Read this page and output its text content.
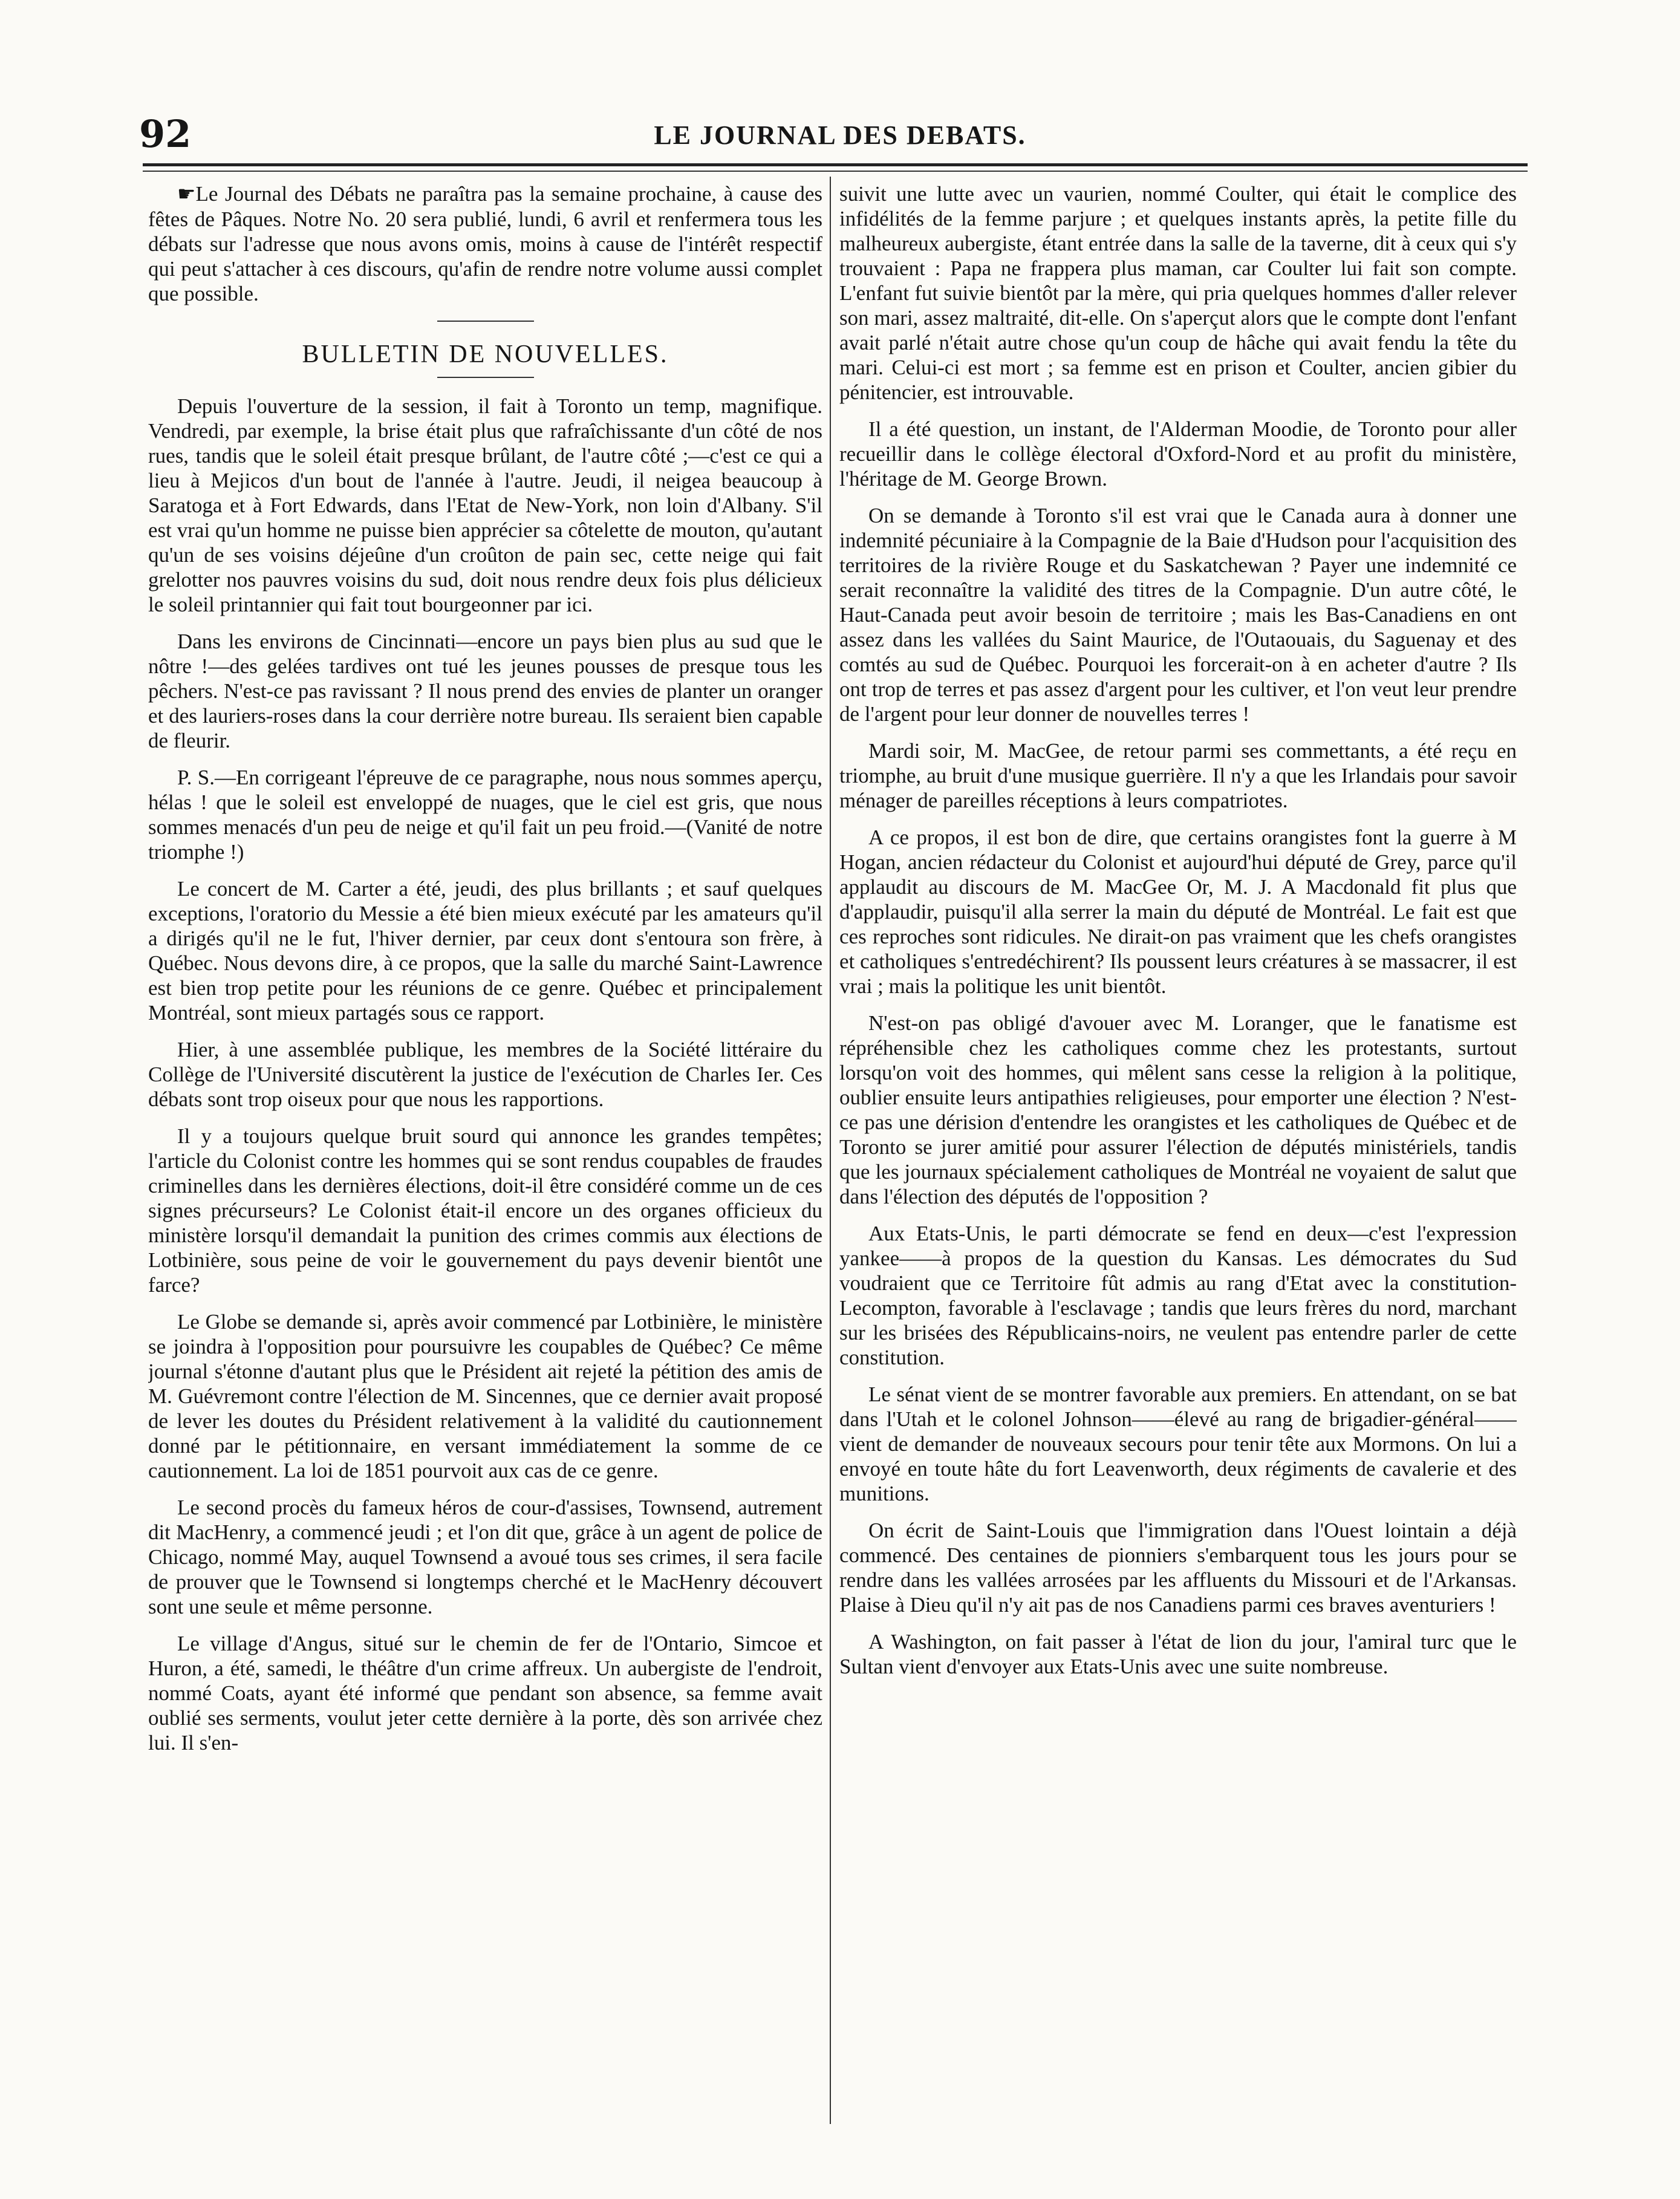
92	LE JOURNAL DES DEBATS.

☛Le Journal des Débats ne paraîtra pas la semaine prochaine, à cause des fêtes de Pâques. Notre No. 20 sera publié, lundi, 6 avril et renfermera tous les débats sur l'adresse que nous avons omis, moins à cause de l'intérêt respectif qui peut s'attacher à ces discours, qu'afin de rendre notre volume aussi complet que possible.

BULLETIN DE NOUVELLES.

Depuis l'ouverture de la session, il fait à Toronto un temp, magnifique. Vendredi, par exemple, la brise était plus que rafraîchissante d'un côté de nos rues, tandis que le soleil était presque brûlant, de l'autre côté ;—c'est ce qui a lieu à Mejicos d'un bout de l'année à l'autre. Jeudi, il neigea beaucoup à Saratoga et à Fort Edwards, dans l'Etat de New-York, non loin d'Albany. S'il est vrai qu'un homme ne puisse bien apprécier sa côtelette de mouton, qu'autant qu'un de ses voisins déjeûne d'un croûton de pain sec, cette neige qui fait grelotter nos pauvres voisins du sud, doit nous rendre deux fois plus délicieux le soleil printannier qui fait tout bourgeonner par ici.

Dans les environs de Cincinnati—encore un pays bien plus au sud que le nôtre !—des gelées tardives ont tué les jeunes pousses de presque tous les pêchers. N'est-ce pas ravissant ? Il nous prend des envies de planter un oranger et des lauriers-roses dans la cour derrière notre bureau. Ils seraient bien capable de fleurir.

P. S.—En corrigeant l'épreuve de ce paragraphe, nous nous sommes aperçu, hélas ! que le soleil est enveloppé de nuages, que le ciel est gris, que nous sommes menacés d'un peu de neige et qu'il fait un peu froid.—(Vanité de notre triomphe !)

Le concert de M. Carter a été, jeudi, des plus brillants ; et sauf quelques exceptions, l'oratorio du Messie a été bien mieux exécuté par les amateurs qu'il a dirigés qu'il ne le fut, l'hiver dernier, par ceux dont s'entoura son frère, à Québec. Nous devons dire, à ce propos, que la salle du marché Saint-Lawrence est bien trop petite pour les réunions de ce genre. Québec et principalement Montréal, sont mieux partagés sous ce rapport.

Hier, à une assemblée publique, les membres de la Société littéraire du Collège de l'Université discutèrent la justice de l'exécution de Charles Ier. Ces débats sont trop oiseux pour que nous les rapportions.

Il y a toujours quelque bruit sourd qui annonce les grandes tempêtes; l'article du Colonist contre les hommes qui se sont rendus coupables de fraudes criminelles dans les dernières élections, doit-il être considéré comme un de ces signes précurseurs? Le Colonist était-il encore un des organes officieux du ministère lorsqu'il demandait la punition des crimes commis aux élections de Lotbinière, sous peine de voir le gouvernement du pays devenir bientôt une farce?

Le Globe se demande si, après avoir commencé par Lotbinière, le ministère se joindra à l'opposition pour poursuivre les coupables de Québec? Ce même journal s'étonne d'autant plus que le Président ait rejeté la pétition des amis de M. Guévremont contre l'élection de M. Sincennes, que ce dernier avait proposé de lever les doutes du Président relativement à la validité du cautionnement donné par le pétitionnaire, en versant immédiatement la somme de ce cautionnement. La loi de 1851 pourvoit aux cas de ce genre.

Le second procès du fameux héros de cour-d'assises, Townsend, autrement dit MacHenry, a commencé jeudi ; et l'on dit que, grâce à un agent de police de Chicago, nommé May, auquel Townsend a avoué tous ses crimes, il sera facile de prouver que le Townsend si longtemps cherché et le MacHenry découvert sont une seule et même personne.

Le village d'Angus, situé sur le chemin de fer de l'Ontario, Simcoe et Huron, a été, samedi, le théâtre d'un crime affreux. Un aubergiste de l'endroit, nommé Coats, ayant été informé que pendant son absence, sa femme avait oublié ses serments, voulut jeter cette dernière à la porte, dès son arrivée chez lui. Il s'en-

suivit une lutte avec un vaurien, nommé Coulter, qui était le complice des infidélités de la femme parjure ; et quelques instants après, la petite fille du malheureux aubergiste, étant entrée dans la salle de la taverne, dit à ceux qui s'y trouvaient : Papa ne frappera plus maman, car Coulter lui fait son compte. L'enfant fut suivie bientôt par la mère, qui pria quelques hommes d'aller relever son mari, assez maltraité, dit-elle. On s'aperçut alors que le compte dont l'enfant avait parlé n'était autre chose qu'un coup de hâche qui avait fendu la tête du mari. Celui-ci est mort ; sa femme est en prison et Coulter, ancien gibier du pénitencier, est introuvable.

Il a été question, un instant, de l'Alderman Moodie, de Toronto pour aller recueillir dans le collège électoral d'Oxford-Nord et au profit du ministère, l'héritage de M. George Brown.

On se demande à Toronto s'il est vrai que le Canada aura à donner une indemnité pécuniaire à la Compagnie de la Baie d'Hudson pour l'acquisition des territoires de la rivière Rouge et du Saskatchewan ? Payer une indemnité ce serait reconnaître la validité des titres de la Compagnie. D'un autre côté, le Haut-Canada peut avoir besoin de territoire ; mais les Bas-Canadiens en ont assez dans les vallées du Saint Maurice, de l'Outaouais, du Saguenay et des comtés au sud de Québec. Pourquoi les forcerait-on à en acheter d'autre ? Ils ont trop de terres et pas assez d'argent pour les cultiver, et l'on veut leur prendre de l'argent pour leur donner de nouvelles terres !

Mardi soir, M. MacGee, de retour parmi ses commettants, a été reçu en triomphe, au bruit d'une musique guerrière. Il n'y a que les Irlandais pour savoir ménager de pareilles réceptions à leurs compatriotes.

A ce propos, il est bon de dire, que certains orangistes font la guerre à M Hogan, ancien rédacteur du Colonist et aujourd'hui député de Grey, parce qu'il applaudit au discours de M. MacGee Or, M. J. A Macdonald fit plus que d'applaudir, puisqu'il alla serrer la main du député de Montréal. Le fait est que ces reproches sont ridicules. Ne dirait-on pas vraiment que les chefs orangistes et catholiques s'entredéchirent? Ils poussent leurs créatures à se massacrer, il est vrai ; mais la politique les unit bientôt.

N'est-on pas obligé d'avouer avec M. Loranger, que le fanatisme est répréhensible chez les catholiques comme chez les protestants, surtout lorsqu'on voit des hommes, qui mêlent sans cesse la religion à la politique, oublier ensuite leurs antipathies religieuses, pour emporter une élection ? N'est-ce pas une dérision d'entendre les orangistes et les catholiques de Québec et de Toronto se jurer amitié pour assurer l'élection de députés ministériels, tandis que les journaux spécialement catholiques de Montréal ne voyaient de salut que dans l'élection des députés de l'opposition ?

Aux Etats-Unis, le parti démocrate se fend en deux—c'est l'expression yankee——à propos de la question du Kansas. Les démocrates du Sud voudraient que ce Territoire fût admis au rang d'Etat avec la constitution-Lecompton, favorable à l'esclavage ; tandis que leurs frères du nord, marchant sur les brisées des Républicains-noirs, ne veulent pas entendre parler de cette constitution.

Le sénat vient de se montrer favorable aux premiers. En attendant, on se bat dans l'Utah et le colonel Johnson——élevé au rang de brigadier-général——vient de demander de nouveaux secours pour tenir tête aux Mormons. On lui a envoyé en toute hâte du fort Leavenworth, deux régiments de cavalerie et des munitions.

On écrit de Saint-Louis que l'immigration dans l'Ouest lointain a déjà commencé. Des centaines de pionniers s'embarquent tous les jours pour se rendre dans les vallées arrosées par les affluents du Missouri et de l'Arkansas. Plaise à Dieu qu'il n'y ait pas de nos Canadiens parmi ces braves aventuriers !

A Washington, on fait passer à l'état de lion du jour, l'amiral turc que le Sultan vient d'envoyer aux Etats-Unis avec une suite nombreuse.
